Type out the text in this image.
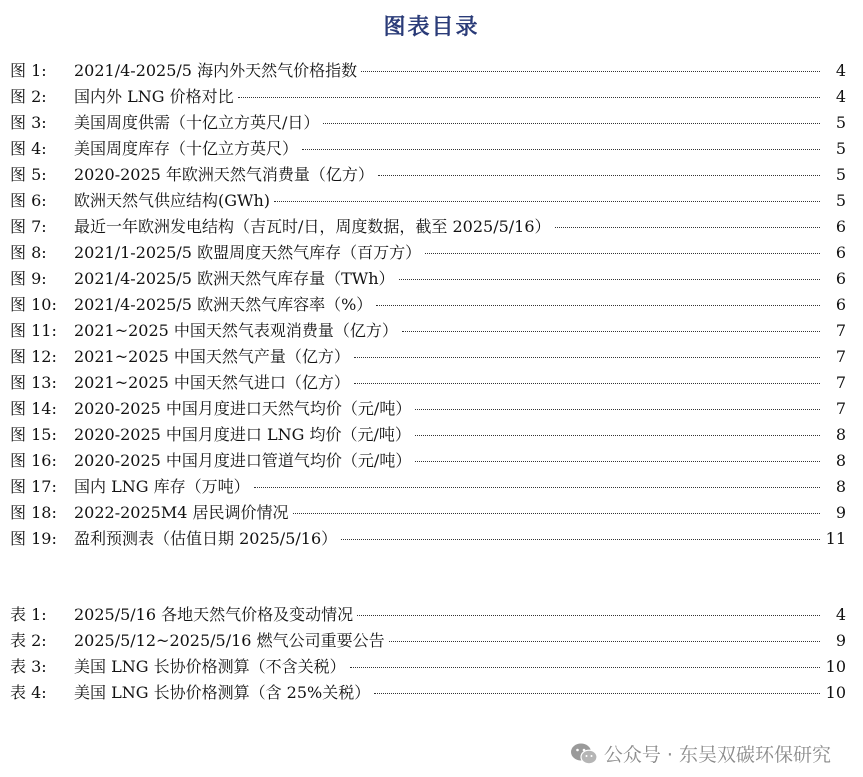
图表目录
图 1:	2021/4-2025/5 海内外天然气价格指数	4
图 2:	国内外 LNG 价格对比	4
图 3:	美国周度供需（十亿立方英尺/日）	5
图 4:	美国周度库存（十亿立方英尺）	5
图 5:	2020-2025 年欧洲天然气消费量（亿方）	5
图 6:	欧洲天然气供应结构(GWh)	5
图 7:	最近一年欧洲发电结构（吉瓦时/日，周度数据，截至 2025/5/16）	6
图 8:	2021/1-2025/5 欧盟周度天然气库存（百万方）	6
图 9:	2021/4-2025/5 欧洲天然气库存量（TWh）	6
图 10:	2021/4-2025/5 欧洲天然气库容率（%）	6
图 11:	2021~2025 中国天然气表观消费量（亿方）	7
图 12:	2021~2025 中国天然气产量（亿方）	7
图 13:	2021~2025 中国天然气进口（亿方）	7
图 14:	2020-2025 中国月度进口天然气均价（元/吨）	7
图 15:	2020-2025 中国月度进口 LNG 均价（元/吨）	8
图 16:	2020-2025 中国月度进口管道气均价（元/吨）	8
图 17:	国内 LNG 库存（万吨）	8
图 18:	2022-2025M4 居民调价情况	9
图 19:	盈利预测表（估值日期 2025/5/16）	11
表 1:	2025/5/16 各地天然气价格及变动情况	4
表 2:	2025/5/12~2025/5/16 燃气公司重要公告	9
表 3:	美国 LNG 长协价格测算（不含关税）	10
表 4:	美国 LNG 长协价格测算（含 25%关税）	10
公众号 · 东吴双碳环保研究
